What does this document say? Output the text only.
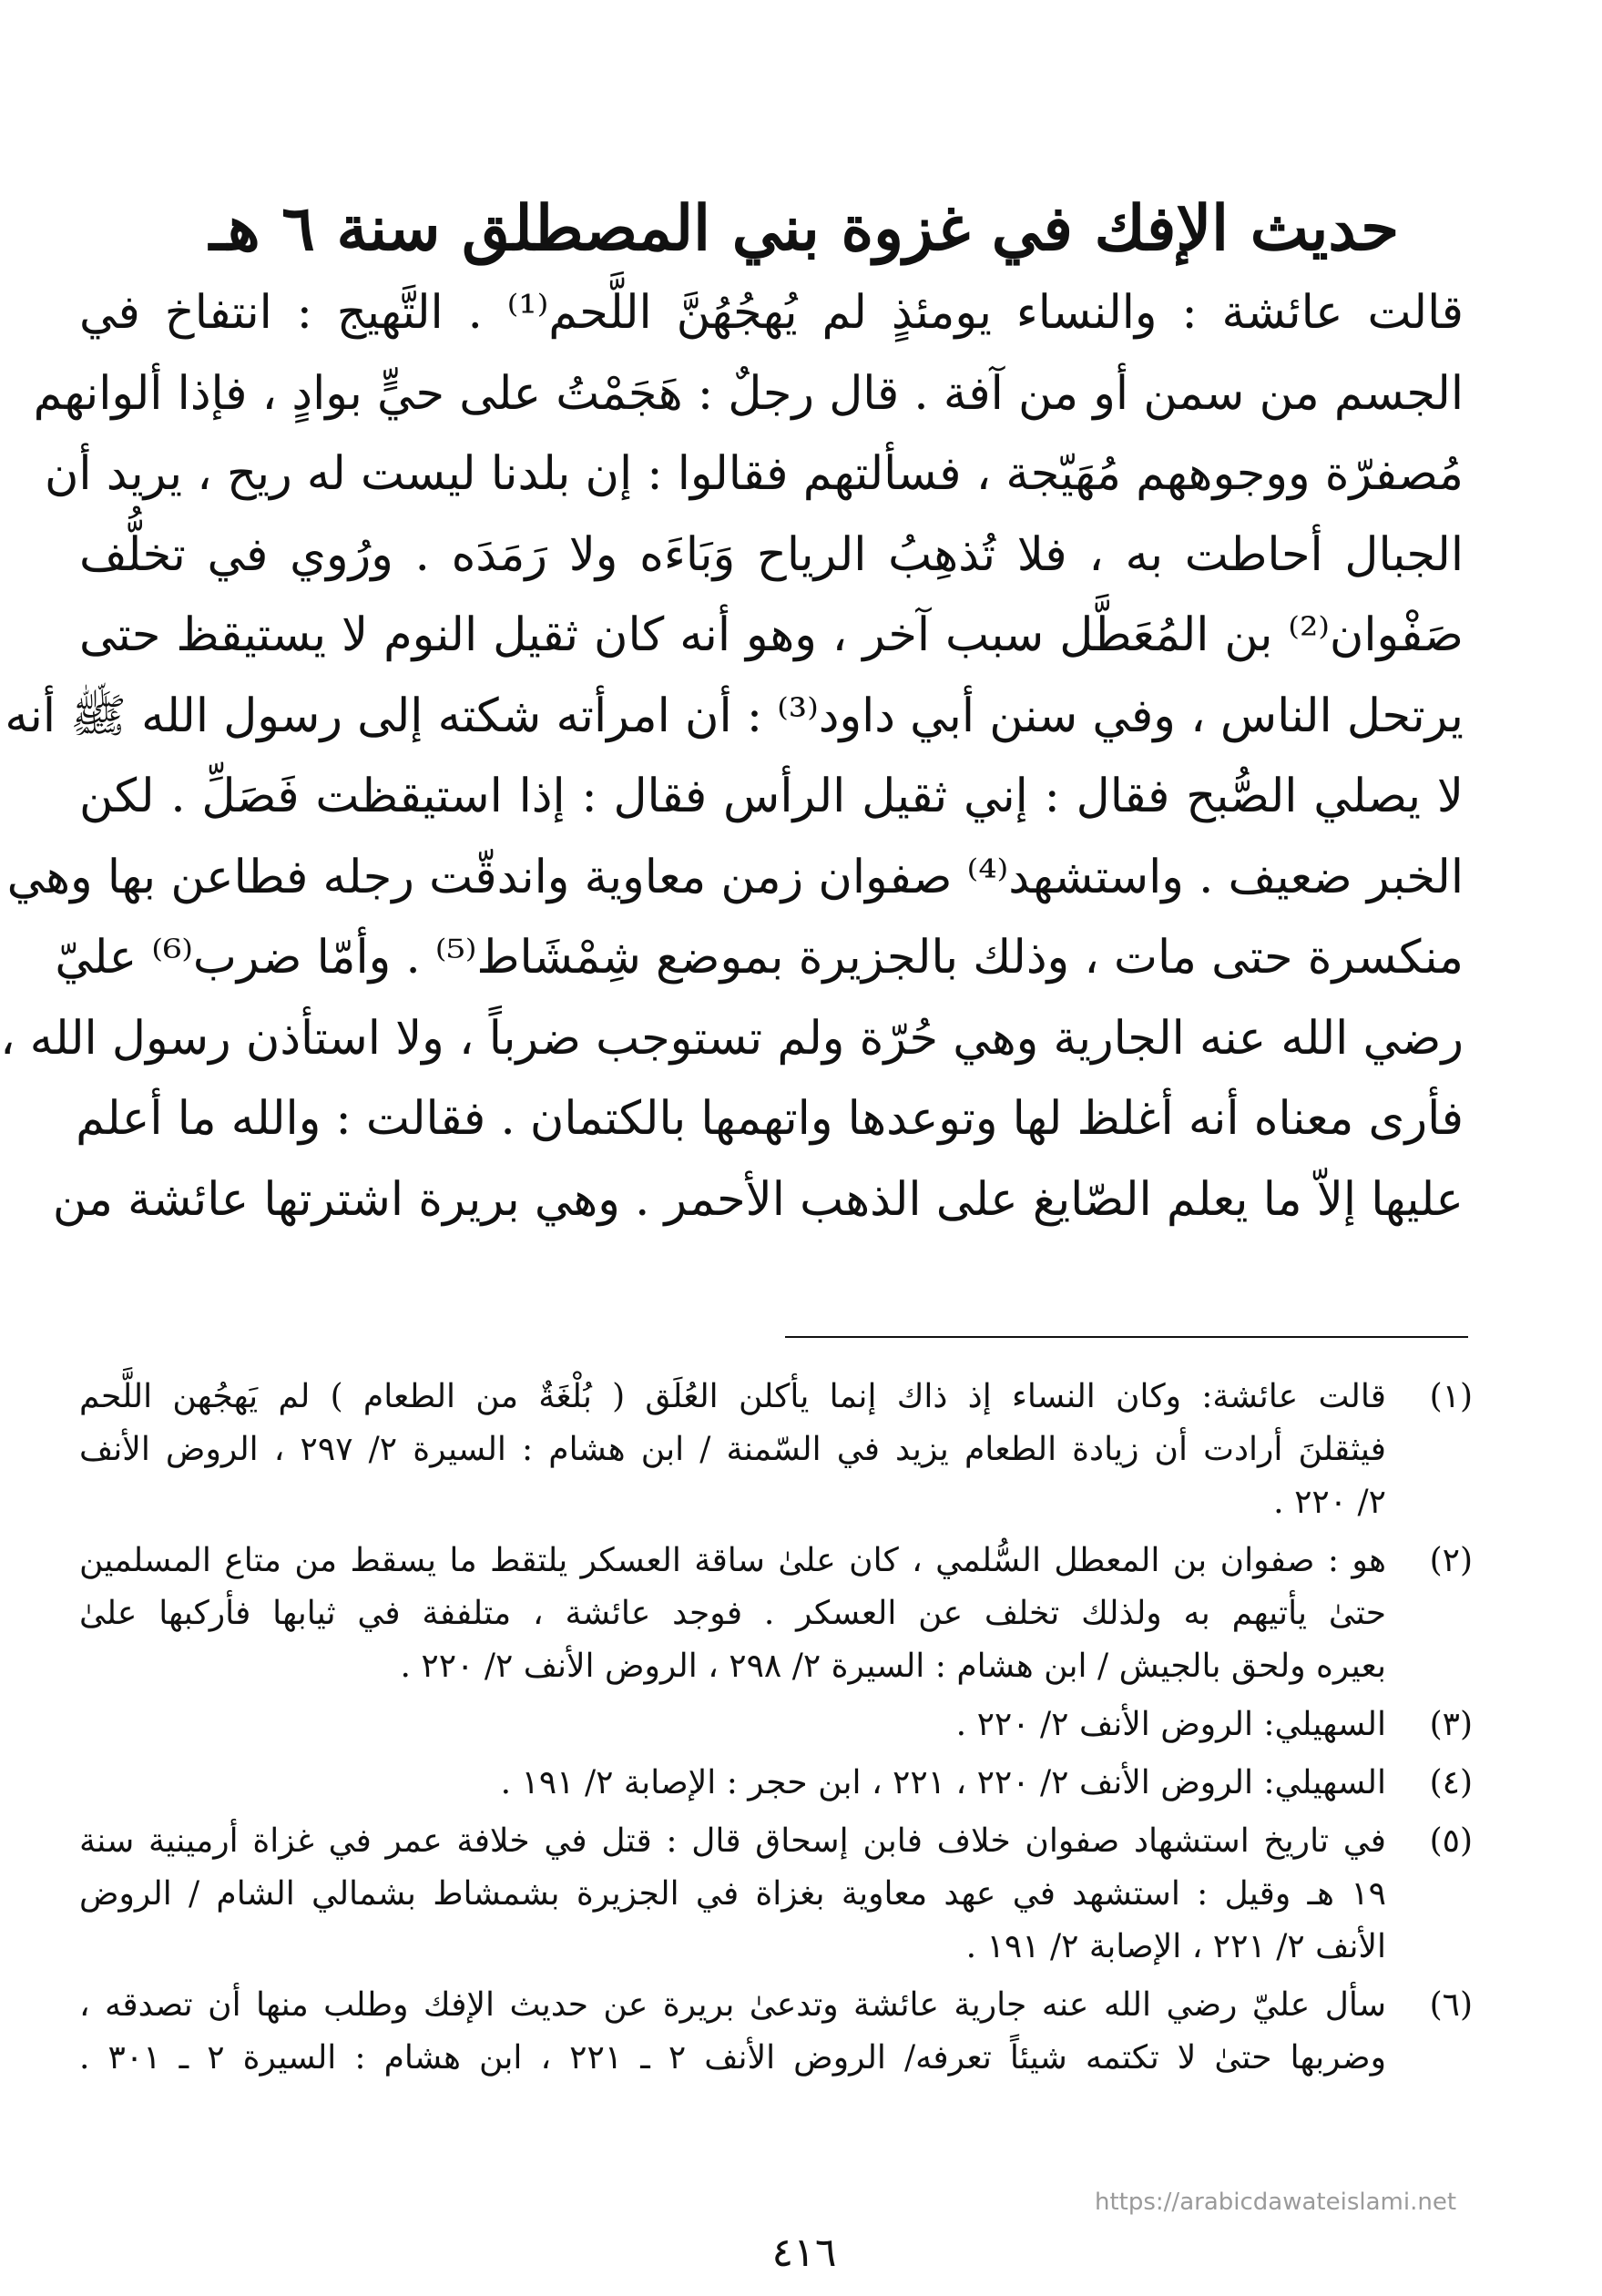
حديث الإفك في غزوة بني المصطلق سنة ٦ هـ
قالت عائشة : والنساء يومئذٍ لم يُهجُهُنَّ اللَّحم⁽¹⁾ . التَّهيج : انتفاخ في
الجسم من سمن أو من آفة . قال رجلٌ : هَجَمْتُ على حيٍّ بوادٍ ، فإذا ألوانهم
مُصفرّة ووجوههم مُهَيّجة ، فسألتهم فقالوا : إن بلدنا ليست له ريح ، يريد أن
الجبال أحاطت به ، فلا تُذهِبُ الرياح وَبَاءَه ولا رَمَدَه . ورُوي في تخلُّف
صَفْوان⁽²⁾ بن المُعَطَّل سبب آخر ، وهو أنه كان ثقيل النوم لا يستيقظ حتى
يرتحل الناس ، وفي سنن أبي داود⁽³⁾ : أن امرأته شكته إلى رسول الله ﷺ أنه
لا يصلي الصُّبح فقال : إني ثقيل الرأس فقال : إذا استيقظت فَصَلِّ . لكن
الخبر ضعيف . واستشهد⁽⁴⁾ صفوان زمن معاوية واندقّت رجله فطاعن بها وهي
منكسرة حتى مات ، وذلك بالجزيرة بموضع شِمْشَاط⁽⁵⁾ . وأمّا ضرب⁽⁶⁾ عليّ
رضي الله عنه الجارية وهي حُرّة ولم تستوجب ضرباً ، ولا استأذن رسول الله ،
فأرى معناه أنه أغلظ لها وتوعدها واتهمها بالكتمان . فقالت : والله ما أعلم
عليها إلاّ ما يعلم الصّايغ على الذهب الأحمر . وهي بريرة اشترتها عائشة من
(١)
قالت عائشة: وكان النساء إذ ذاك إنما يأكلن العُلَق ( بُلْغَةٌ من الطعام ) لم يَهجُهن اللَّحم
فيثقلنَ أرادت أن زيادة الطعام يزيد في السّمنة / ابن هشام : السيرة ٢/ ٢٩٧ ، الروض الأنف
٢/ ٢٢٠ .
(٢)
هو : صفوان بن المعطل السُّلمي ، كان علىٰ ساقة العسكر يلتقط ما يسقط من متاع المسلمين
حتىٰ يأتيهم به ولذلك تخلف عن العسكر . فوجد عائشة ، متلففة في ثيابها فأركبها علىٰ
بعيره ولحق بالجيش / ابن هشام : السيرة ٢/ ٢٩٨ ، الروض الأنف ٢/ ٢٢٠ .
(٣)
السهيلي: الروض الأنف ٢/ ٢٢٠ .
(٤)
السهيلي: الروض الأنف ٢/ ٢٢٠ ، ٢٢١ ، ابن حجر : الإصابة ٢/ ١٩١ .
(٥)
في تاريخ استشهاد صفوان خلاف فابن إسحاق قال : قتل في خلافة عمر في غزاة أرمينية سنة
١٩ هـ وقيل : استشهد في عهد معاوية بغزاة في الجزيرة بشمشاط بشمالي الشام / الروض
الأنف ٢/ ٢٢١ ، الإصابة ٢/ ١٩١ .
(٦)
سأل عليّ رضي الله عنه جارية عائشة وتدعىٰ بريرة عن حديث الإفك وطلب منها أن تصدقه ،
وضربها حتىٰ لا تكتمه شيئاً تعرفه/ الروض الأنف ٢ ـ ٢٢١ ، ابن هشام : السيرة ٢ ـ ٣٠١ .
https://arabicdawateislami.net
٤١٦
